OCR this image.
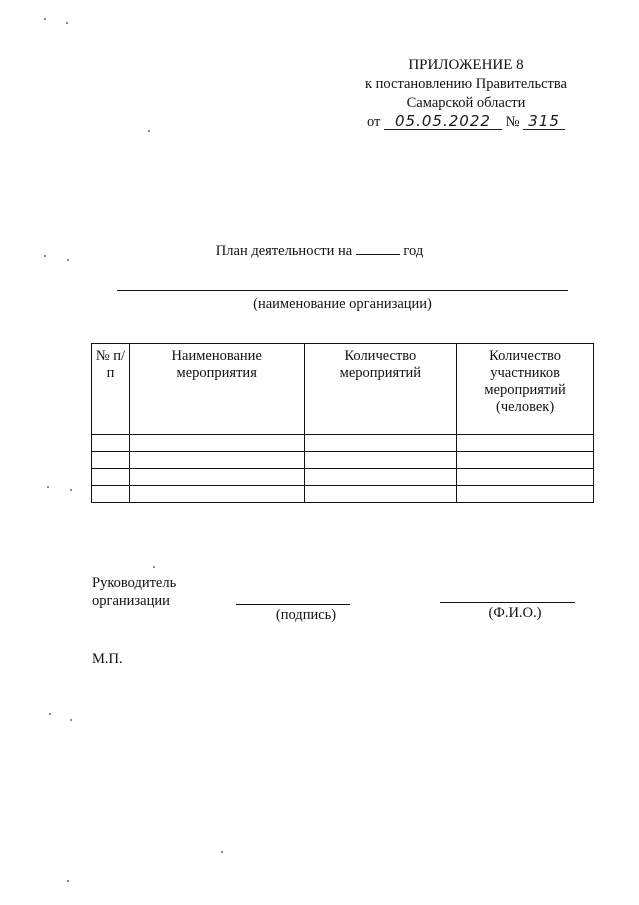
ПРИЛОЖЕНИЕ 8
к постановлению Правительства
Самарской области
от 05.05.2022 № 315
План деятельности на	год
(наименование организации)
№ п/п	Наименование мероприятия	Количество мероприятий	Количество участников мероприятий (человек)

Руководитель
организации
(подпись)	(Ф.И.О.)
М.П.
